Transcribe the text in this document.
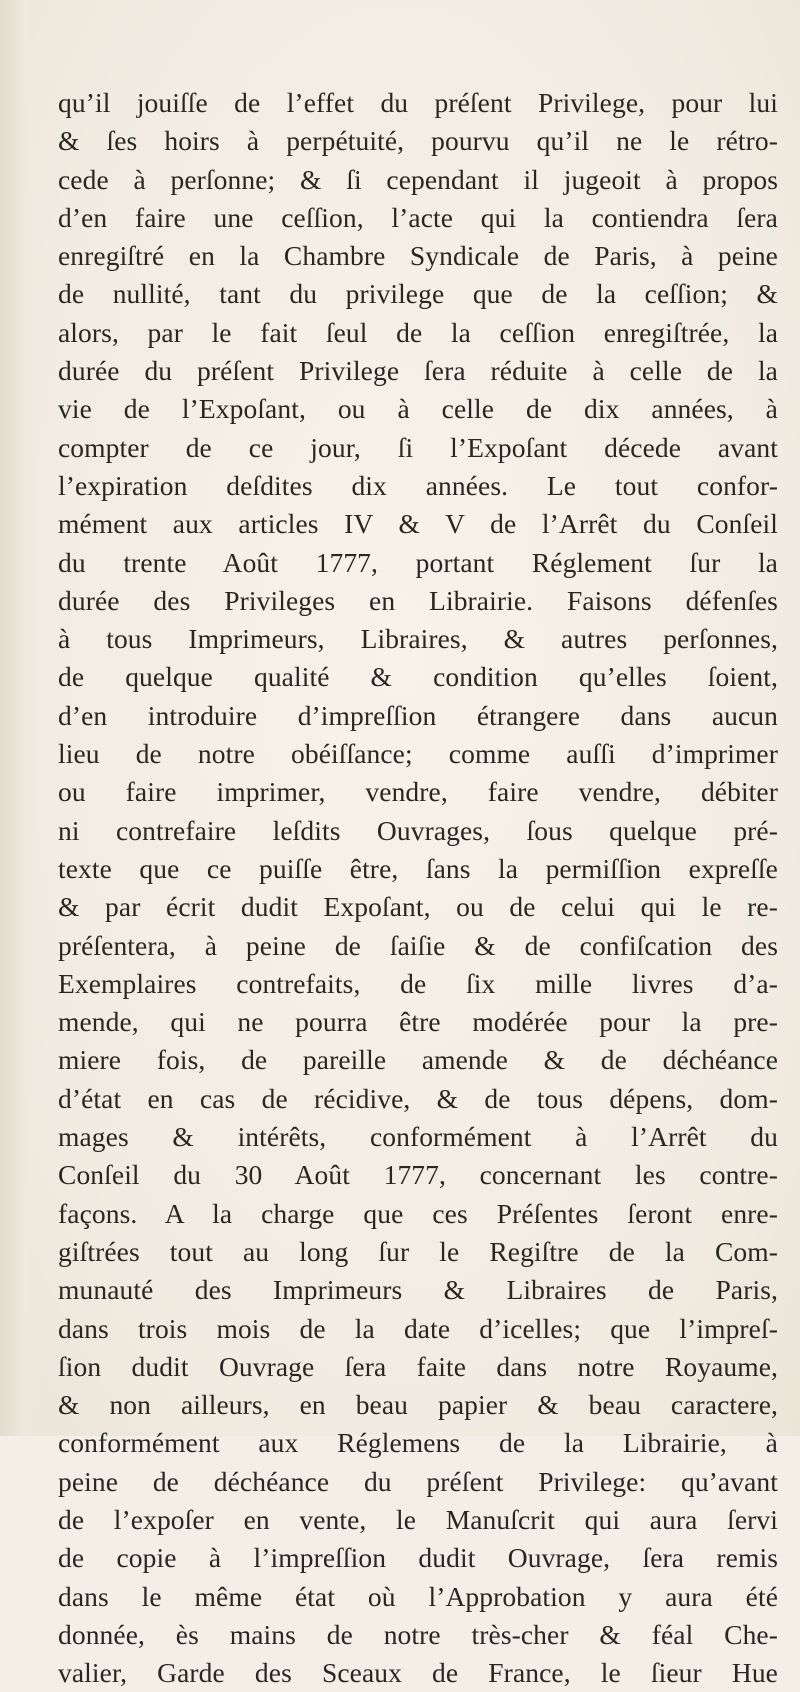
qu’il jouiſſe de l’effet du préſent Privilege, pour lui
& ſes hoirs à perpétuité, pourvu qu’il ne le rétro-
cede à perſonne; & ſi cependant il jugeoit à propos
d’en faire une ceſſion, l’acte qui la contiendra ſera
enregiſtré en la Chambre Syndicale de Paris, à peine
de nullité, tant du privilege que de la ceſſion; &
alors, par le fait ſeul de la ceſſion enregiſtrée, la
durée du préſent Privilege ſera réduite à celle de la
vie de l’Expoſant, ou à celle de dix années, à
compter de ce jour, ſi l’Expoſant décede avant
l’expiration deſdites dix années. Le tout confor-
mément aux articles IV & V de l’Arrêt du Conſeil
du trente Août 1777, portant Réglement ſur la
durée des Privileges en Librairie. Faisons défenſes
à tous Imprimeurs, Libraires, & autres perſonnes,
de quelque qualité & condition qu’elles ſoient,
d’en introduire d’impreſſion étrangere dans aucun
lieu de notre obéiſſance; comme auſſi d’imprimer
ou faire imprimer, vendre, faire vendre, débiter
ni contrefaire leſdits Ouvrages, ſous quelque pré-
texte que ce puiſſe être, ſans la permiſſion expreſſe
& par écrit dudit Expoſant, ou de celui qui le re-
préſentera, à peine de ſaiſie & de confiſcation des
Exemplaires contrefaits, de ſix mille livres d’a-
mende, qui ne pourra être modérée pour la pre-
miere fois, de pareille amende & de déchéance
d’état en cas de récidive, & de tous dépens, dom-
mages & intérêts, conformément à l’Arrêt du
Conſeil du 30 Août 1777, concernant les contre-
façons. A la charge que ces Préſentes ſeront enre-
giſtrées tout au long ſur le Regiſtre de la Com-
munauté des Imprimeurs & Libraires de Paris,
dans trois mois de la date d’icelles; que l’impreſ-
ſion dudit Ouvrage ſera faite dans notre Royaume,
& non ailleurs, en beau papier & beau caractere,
conformément aux Réglemens de la Librairie, à
peine de déchéance du préſent Privilege: qu’avant
de l’expoſer en vente, le Manuſcrit qui aura ſervi
de copie à l’impreſſion dudit Ouvrage, ſera remis
dans le même état où l’Approbation y aura été
donnée, ès mains de notre très-cher & féal Che-
valier, Garde des Sceaux de France, le ſieur Hue
